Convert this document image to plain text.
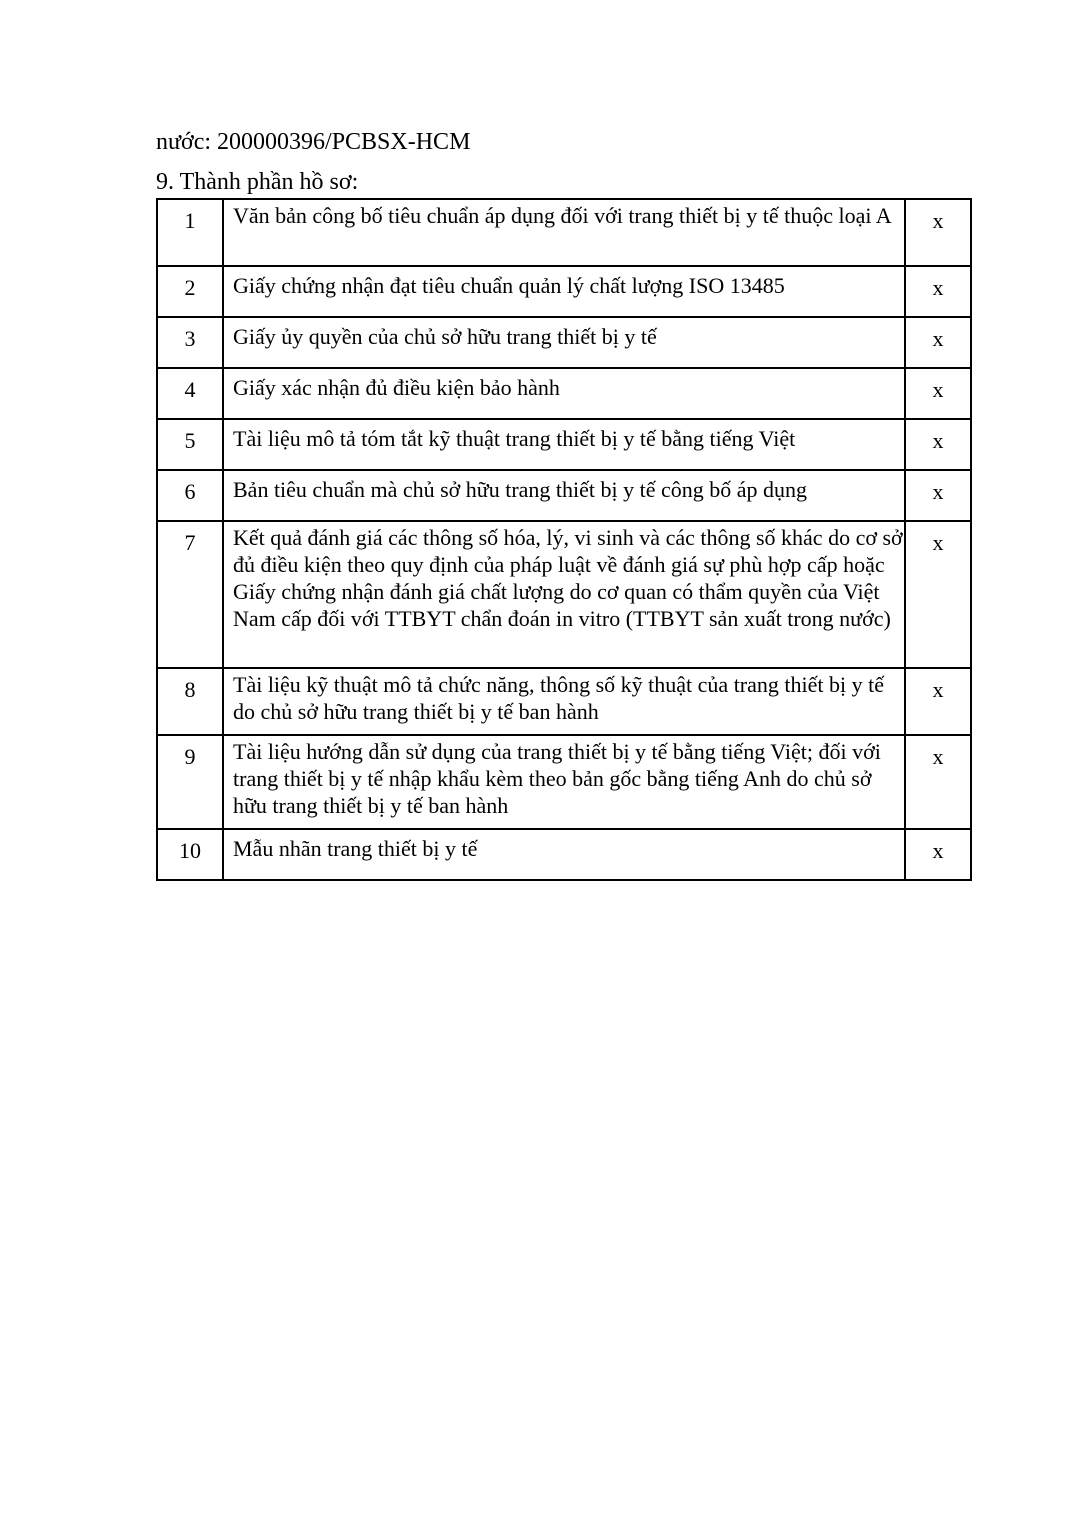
nước: 200000396/PCBSX-HCM
9. Thành phần hồ sơ:
1	Văn bản công bố tiêu chuẩn áp dụng đối với trang thiết bị y tế thuộc loại A	x
2	Giấy chứng nhận đạt tiêu chuẩn quản lý chất lượng ISO 13485	x
3	Giấy ủy quyền của chủ sở hữu trang thiết bị y tế	x
4	Giấy xác nhận đủ điều kiện bảo hành	x
5	Tài liệu mô tả tóm tắt kỹ thuật trang thiết bị y tế bằng tiếng Việt	x
6	Bản tiêu chuẩn mà chủ sở hữu trang thiết bị y tế công bố áp dụng	x
7	Kết quả đánh giá các thông số hóa, lý, vi sinh và các thông số khác do cơ sở đủ điều kiện theo quy định của pháp luật về đánh giá sự phù hợp cấp hoặc Giấy chứng nhận đánh giá chất lượng do cơ quan có thẩm quyền của Việt Nam cấp đối với TTBYT chẩn đoán in vitro (TTBYT sản xuất trong nước)	x
8	Tài liệu kỹ thuật mô tả chức năng, thông số kỹ thuật của trang thiết bị y tế do chủ sở hữu trang thiết bị y tế ban hành	x
9	Tài liệu hướng dẫn sử dụng của trang thiết bị y tế bằng tiếng Việt; đối với trang thiết bị y tế nhập khẩu kèm theo bản gốc bằng tiếng Anh do chủ sở hữu trang thiết bị y tế ban hành	x
10	Mẫu nhãn trang thiết bị y tế	x
